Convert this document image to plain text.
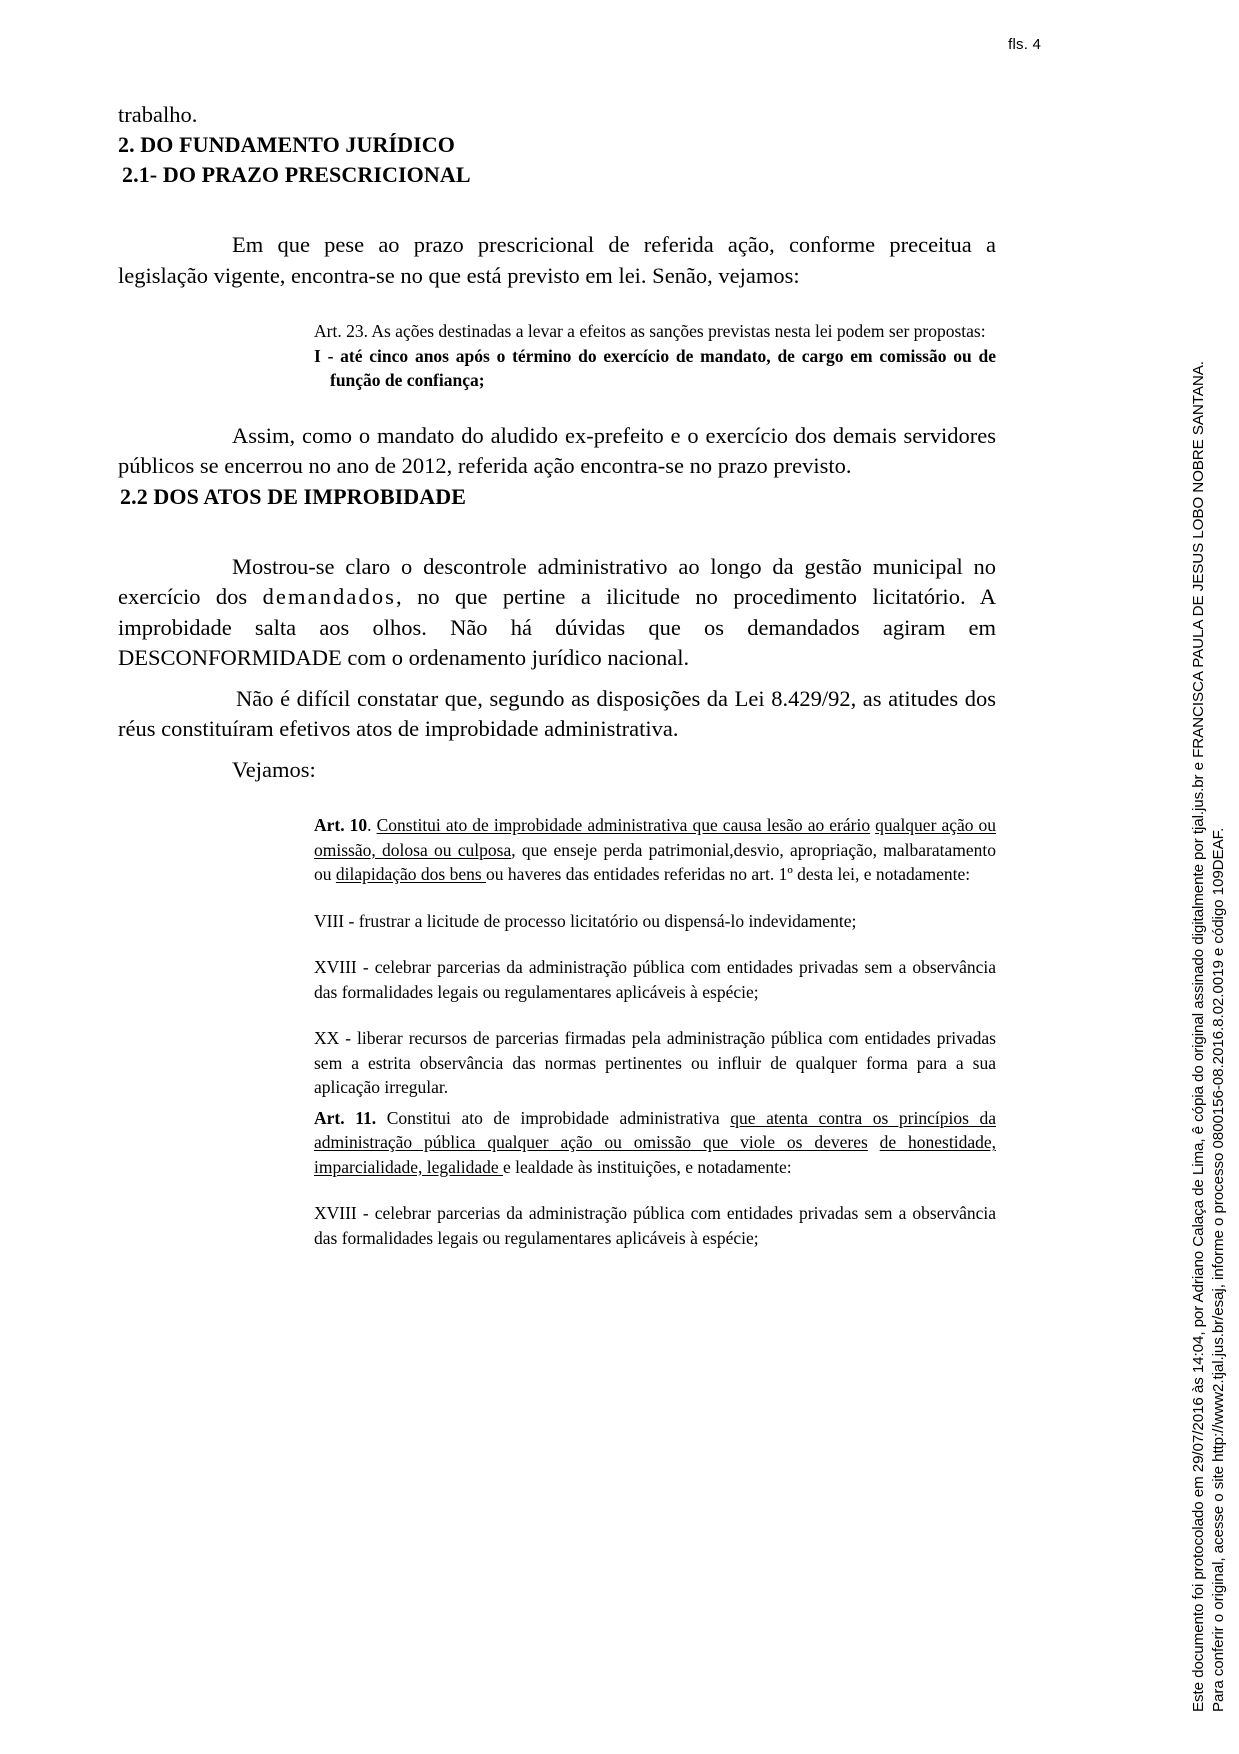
fls. 4
trabalho.
2. DO FUNDAMENTO JURÍDICO
2.1- DO PRAZO PRESCRICIONAL

Em que pese ao prazo prescricional de referida ação, conforme preceitua a legislação vigente, encontra-se no que está previsto em lei. Senão, vejamos:

Art. 23. As ações destinadas a levar a efeitos as sanções previstas nesta lei podem ser propostas:

I - até cinco anos após o término do exercício de mandato, de cargo em comissão ou de função de confiança;

Assim, como o mandato do aludido ex-prefeito e o exercício dos demais servidores públicos se encerrou no ano de 2012, referida ação encontra-se no prazo previsto.

2.2 DOS ATOS DE IMPROBIDADE

Mostrou-se claro o descontrole administrativo ao longo da gestão municipal no exercício dos demandados, no que pertine a ilicitude no procedimento licitatório. A improbidade salta aos olhos. Não há dúvidas que os demandados agiram em DESCONFORMIDADE com o ordenamento jurídico nacional.

Não é difícil constatar que, segundo as disposições da Lei 8.429/92, as atitudes dos réus constituíram efetivos atos de improbidade administrativa.

Vejamos:

Art. 10. Constitui ato de improbidade administrativa que causa lesão ao erário qualquer ação ou omissão, dolosa ou culposa, que enseje perda patrimonial,desvio, apropriação, malbaratamento ou dilapidação dos bens ou haveres das entidades referidas no art. 1º desta lei, e notadamente:

VIII - frustrar a licitude de processo licitatório ou dispensá-lo indevidamente;

XVIII - celebrar parcerias da administração pública com entidades privadas sem a observância das formalidades legais ou regulamentares aplicáveis à espécie;

XX - liberar recursos de parcerias firmadas pela administração pública com entidades privadas sem a estrita observância das normas pertinentes ou influir de qualquer forma para a sua aplicação irregular.

Art. 11. Constitui ato de improbidade administrativa que atenta contra os princípios da administração pública qualquer ação ou omissão que viole os deveres de honestidade, imparcialidade, legalidade e lealdade às instituições, e notadamente:

XVIII - celebrar parcerias da administração pública com entidades privadas sem a observância das formalidades legais ou regulamentares aplicáveis à espécie;	Este documento foi protocolado em 29/07/2016 às 14:04, por Adriano Calaça de Lima, ê cópia do original assinado digitalmente por tjal.jus.br e FRANCISCA PAULA DE JESUS LOBO NOBRE SANTANA. Para conferir o original, acesse o site http://www2.tjal.jus.br/esaj, informe o processo 0800156-08.2016.8.02.0019 e código 109DEAF.
